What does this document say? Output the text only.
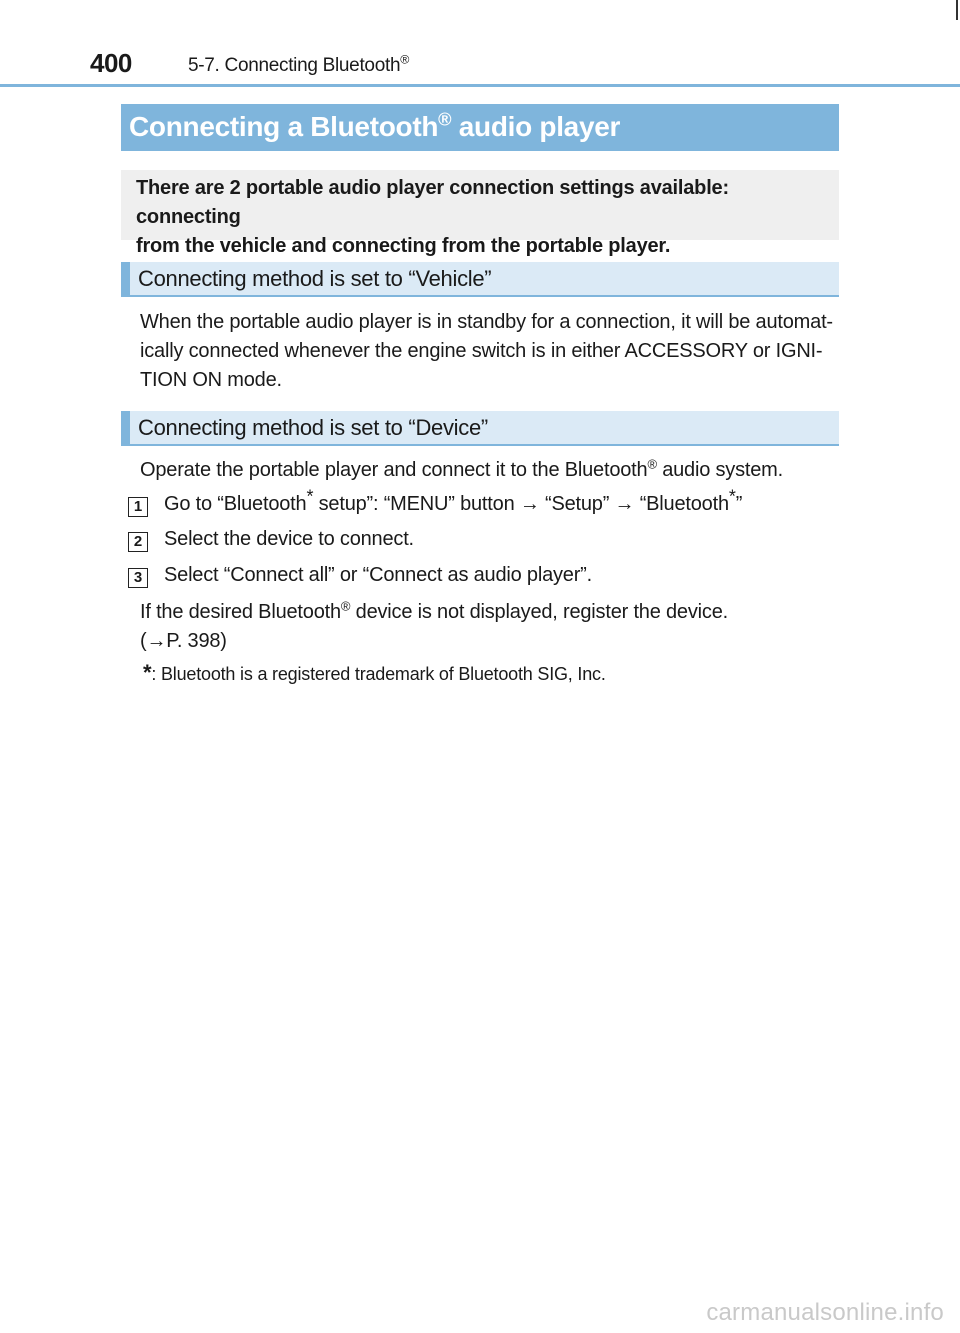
400	5-7. Connecting Bluetooth®
Connecting a Bluetooth® audio player
There are 2 portable audio player connection settings available: connecting
from the vehicle and connecting from the portable player.
Connecting method is set to “Vehicle”
When the portable audio player is in standby for a connection, it will be automat-
ically connected whenever the engine switch is in either ACCESSORY or IGNI-
TION ON mode.
Connecting method is set to “Device”
Operate the portable player and connect it to the Bluetooth® audio system.
1 Go to “Bluetooth* setup”: “MENU” button → “Setup” → “Bluetooth*”
2 Select the device to connect.
3 Select “Connect all” or “Connect as audio player”.
If the desired Bluetooth® device is not displayed, register the device.
(→P. 398)
*: Bluetooth is a registered trademark of Bluetooth SIG, Inc.
carmanualsonline.info
